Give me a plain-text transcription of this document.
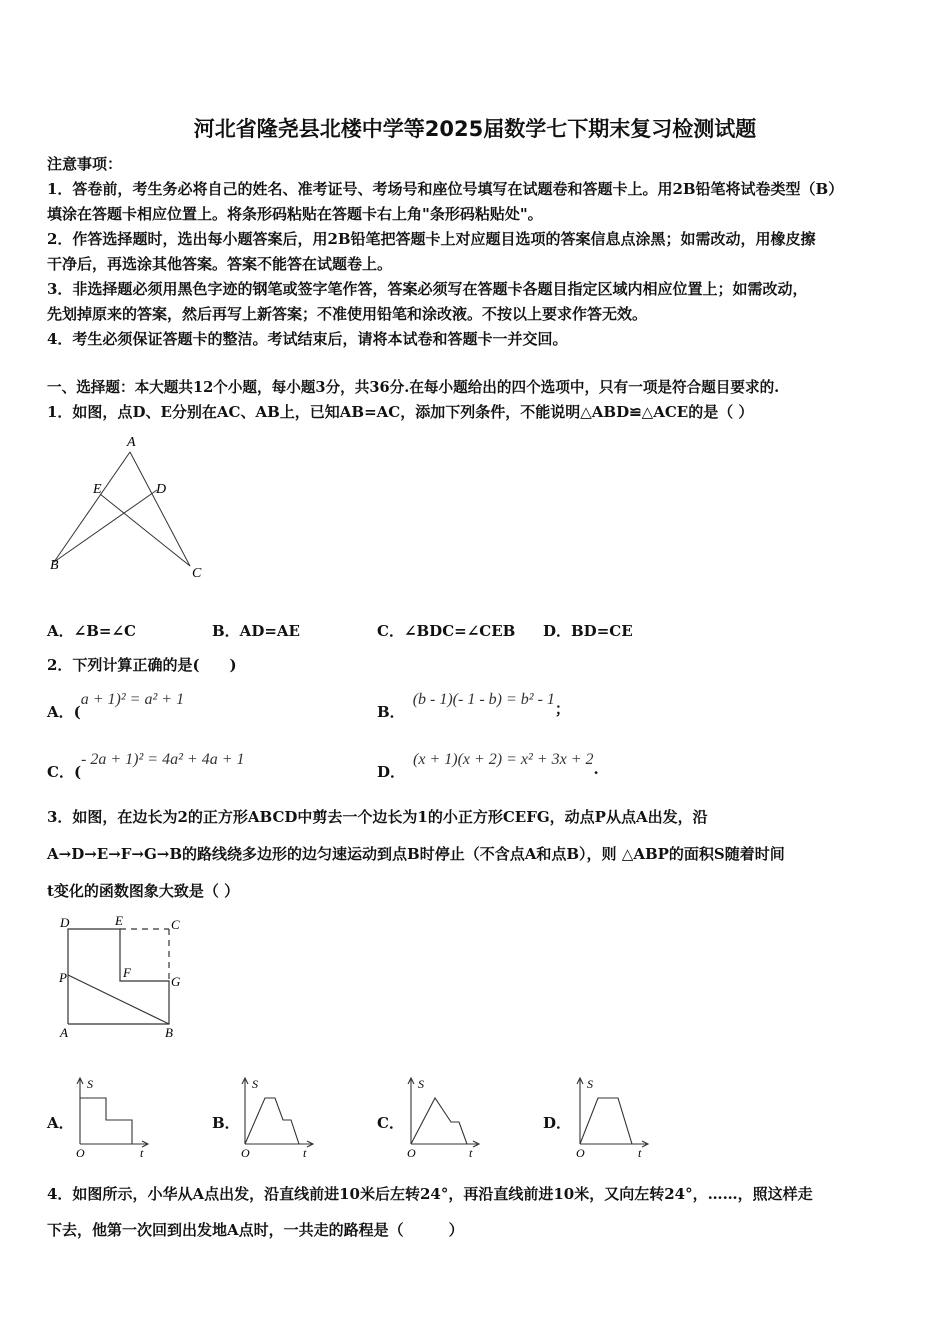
河北省隆尧县北楼中学等2025届数学七下期末复习检测试题
注意事项：
1．答卷前，考生务必将自己的姓名、准考证号、考场号和座位号填写在试题卷和答题卡上。用2B铅笔将试卷类型（B）
填涂在答题卡相应位置上。将条形码粘贴在答题卡右上角"条形码粘贴处"。
2．作答选择题时，选出每小题答案后，用2B铅笔把答题卡上对应题目选项的答案信息点涂黑；如需改动，用橡皮擦
干净后，再选涂其他答案。答案不能答在试题卷上。
3．非选择题必须用黑色字迹的钢笔或签字笔作答，答案必须写在答题卡各题目指定区域内相应位置上；如需改动，
先划掉原来的答案，然后再写上新答案；不准使用铅笔和涂改液。不按以上要求作答无效。
4．考生必须保证答题卡的整洁。考试结束后，请将本试卷和答题卡一并交回。
一、选择题：本大题共12个小题，每小题3分，共36分.在每小题给出的四个选项中，只有一项是符合题目要求的.
1．如图，点D、E分别在AC、AB上，已知AB=AC，添加下列条件，不能说明△ABD≌△ACE的是（ ）
A
B
C
D
E
A．∠B=∠C	B．AD=AE	C．∠BDC=∠CEB D．BD=CE
2．下列计算正确的是(　　)
A．(a + 1)² = a² + 1
B．(b - 1)(- 1 - b) = b² - 1；
C．(- 2a + 1)² = 4a² + 4a + 1
D．(x + 1)(x + 2) = x² + 3x + 2.
3．如图，在边长为2的正方形ABCD中剪去一个边长为1的小正方形CEFG，动点P从点A出发，沿
A→D→E→F→G→B的路线绕多边形的边匀速运动到点B时停止（不含点A和点B），则 △ABP的面积S随着时间
t变化的函数图象大致是（ ）
D	E	C
F
G
P
A	B
A．
S
O	t
B．
S
O	t
C．
S
O	t
D．
S
O	t
4．如图所示，小华从A点出发，沿直线前进10米后左转24°，再沿直线前进10米，又向左转24°，……，照这样走
下去，他第一次回到出发地A点时，一共走的路程是（　　　）
